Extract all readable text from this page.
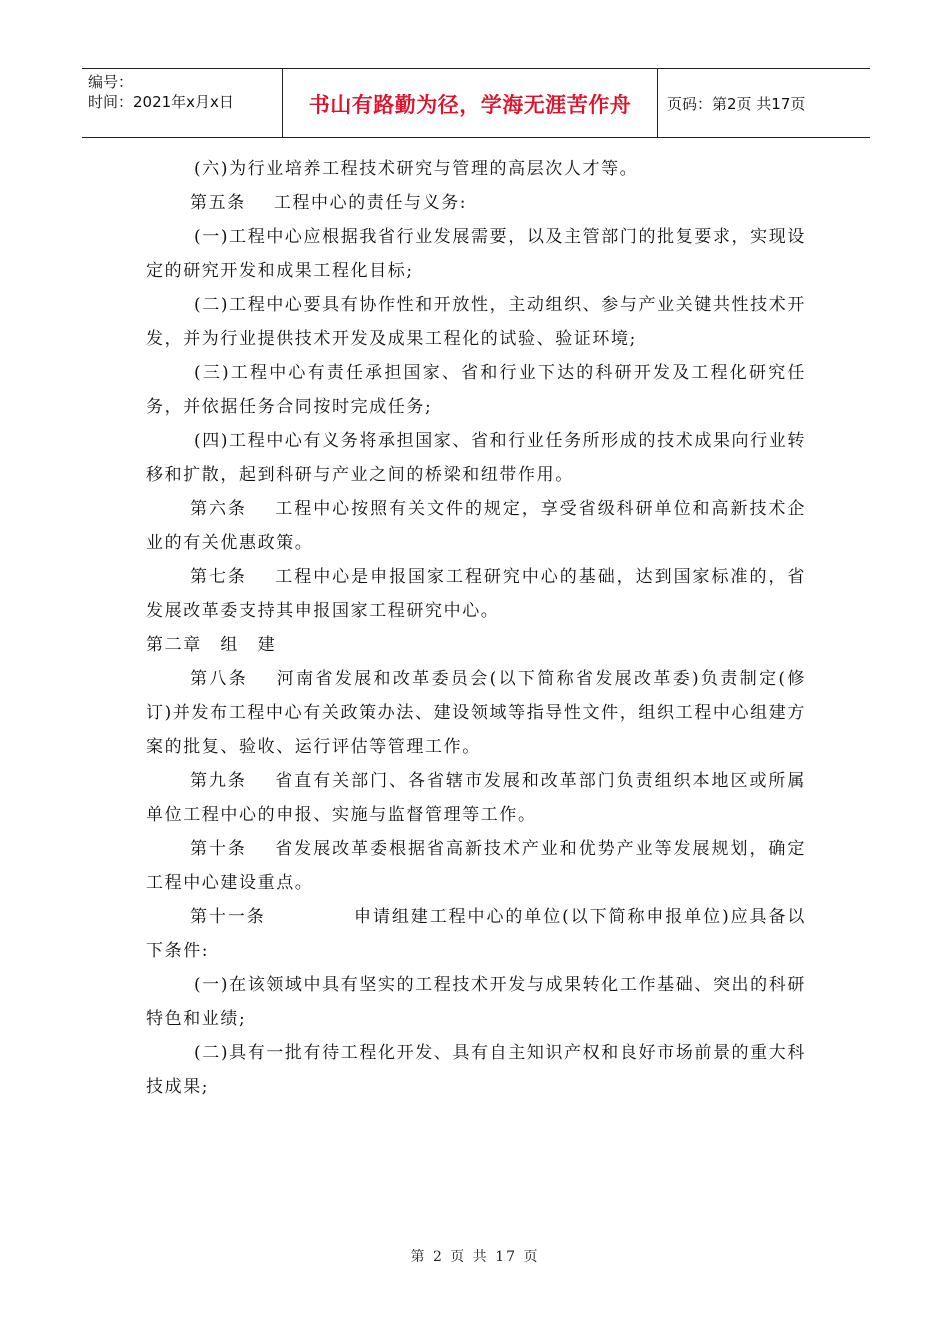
编号：
时间：2021年x月x日	书山有路勤为径，学海无涯苦作舟	页码：第2页 共17页

(六)为行业培养工程技术研究与管理的高层次人才等。

第五条 工程中心的责任与义务:

(一)工程中心应根据我省行业发展需要，以及主管部门的批复要求，实现设定的研究开发和成果工程化目标;

(二)工程中心要具有协作性和开放性，主动组织、参与产业关键共性技术开发，并为行业提供技术开发及成果工程化的试验、验证环境;

(三)工程中心有责任承担国家、省和行业下达的科研开发及工程化研究任务，并依据任务合同按时完成任务;

(四)工程中心有义务将承担国家、省和行业任务所形成的技术成果向行业转移和扩散，起到科研与产业之间的桥梁和纽带作用。

第六条 工程中心按照有关文件的规定，享受省级科研单位和高新技术企业的有关优惠政策。

第七条 工程中心是申报国家工程研究中心的基础，达到国家标准的，省发展改革委支持其申报国家工程研究中心。

第二章　组　建

第八条 河南省发展和改革委员会(以下简称省发展改革委)负责制定(修订)并发布工程中心有关政策办法、建设领域等指导性文件，组织工程中心组建方案的批复、验收、运行评估等管理工作。

第九条 省直有关部门、各省辖市发展和改革部门负责组织本地区或所属单位工程中心的申报、实施与监督管理等工作。

第十条 省发展改革委根据省高新技术产业和优势产业等发展规划，确定工程中心建设重点。

第十一条	申请组建工程中心的单位(以下简称申报单位)应具备以下条件:

(一)在该领域中具有坚实的工程技术开发与成果转化工作基础、突出的科研特色和业绩;

(二)具有一批有待工程化开发、具有自主知识产权和良好市场前景的重大科技成果;

第 2 页 共 17 页
